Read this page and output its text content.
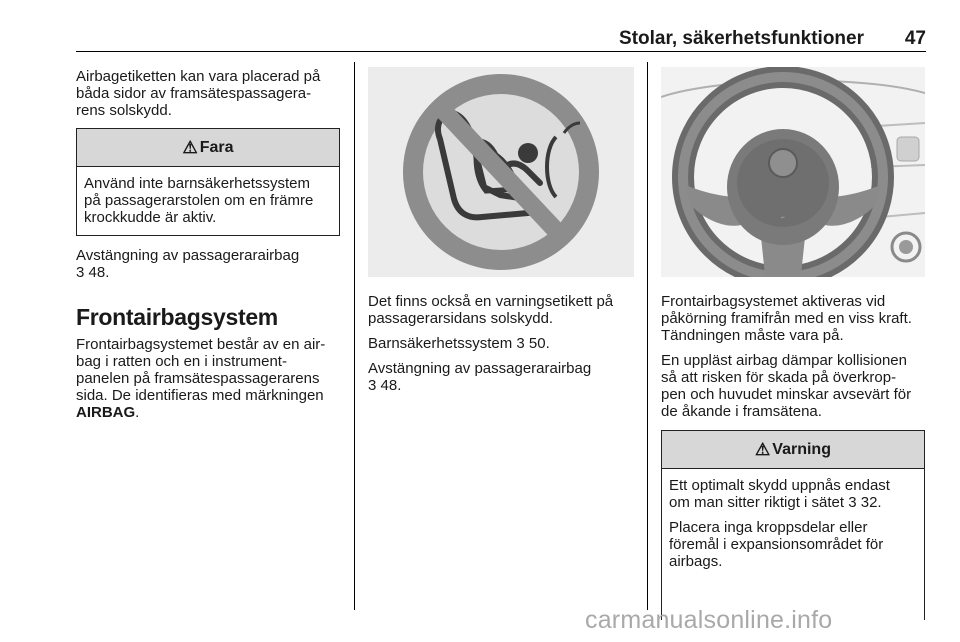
Stolar, säkerhetsfunktioner 47
Airbagetiketten kan vara placerad på
båda sidor av framsätespassagera-
rens solskydd.
⚠ Fara
Använd inte barnsäkerhetssystem
på passagerarstolen om en främre
krockkudde är aktiv.
Avstängning av passagerarairbag
3 48.
Frontairbagsystem
Frontairbagsystemet består av en air-
bag i ratten och en i instrument-
panelen på framsätespassagerarens
sida. De identifieras med märkningen
AIRBAG.

Det finns också en varningsetikett på
passagerarsidans solskydd.

Barnsäkerhetssystem 3 50.

Avstängning av passagerarairbag
3 48.

⌐

Frontairbagsystemet aktiveras vid
påkörning framifrån med en viss kraft.
Tändningen måste vara på.

En uppläst airbag dämpar kollisionen
så att risken för skada på överkrop-
pen och huvudet minskar avsevärt för
de åkande i framsätena.

⚠ Varning

Ett optimalt skydd uppnås endast
om man sitter riktigt i sätet 3 32.

Placera inga kroppsdelar eller
föremål i expansionsområdet för
airbags.

carmanualsonline.info
